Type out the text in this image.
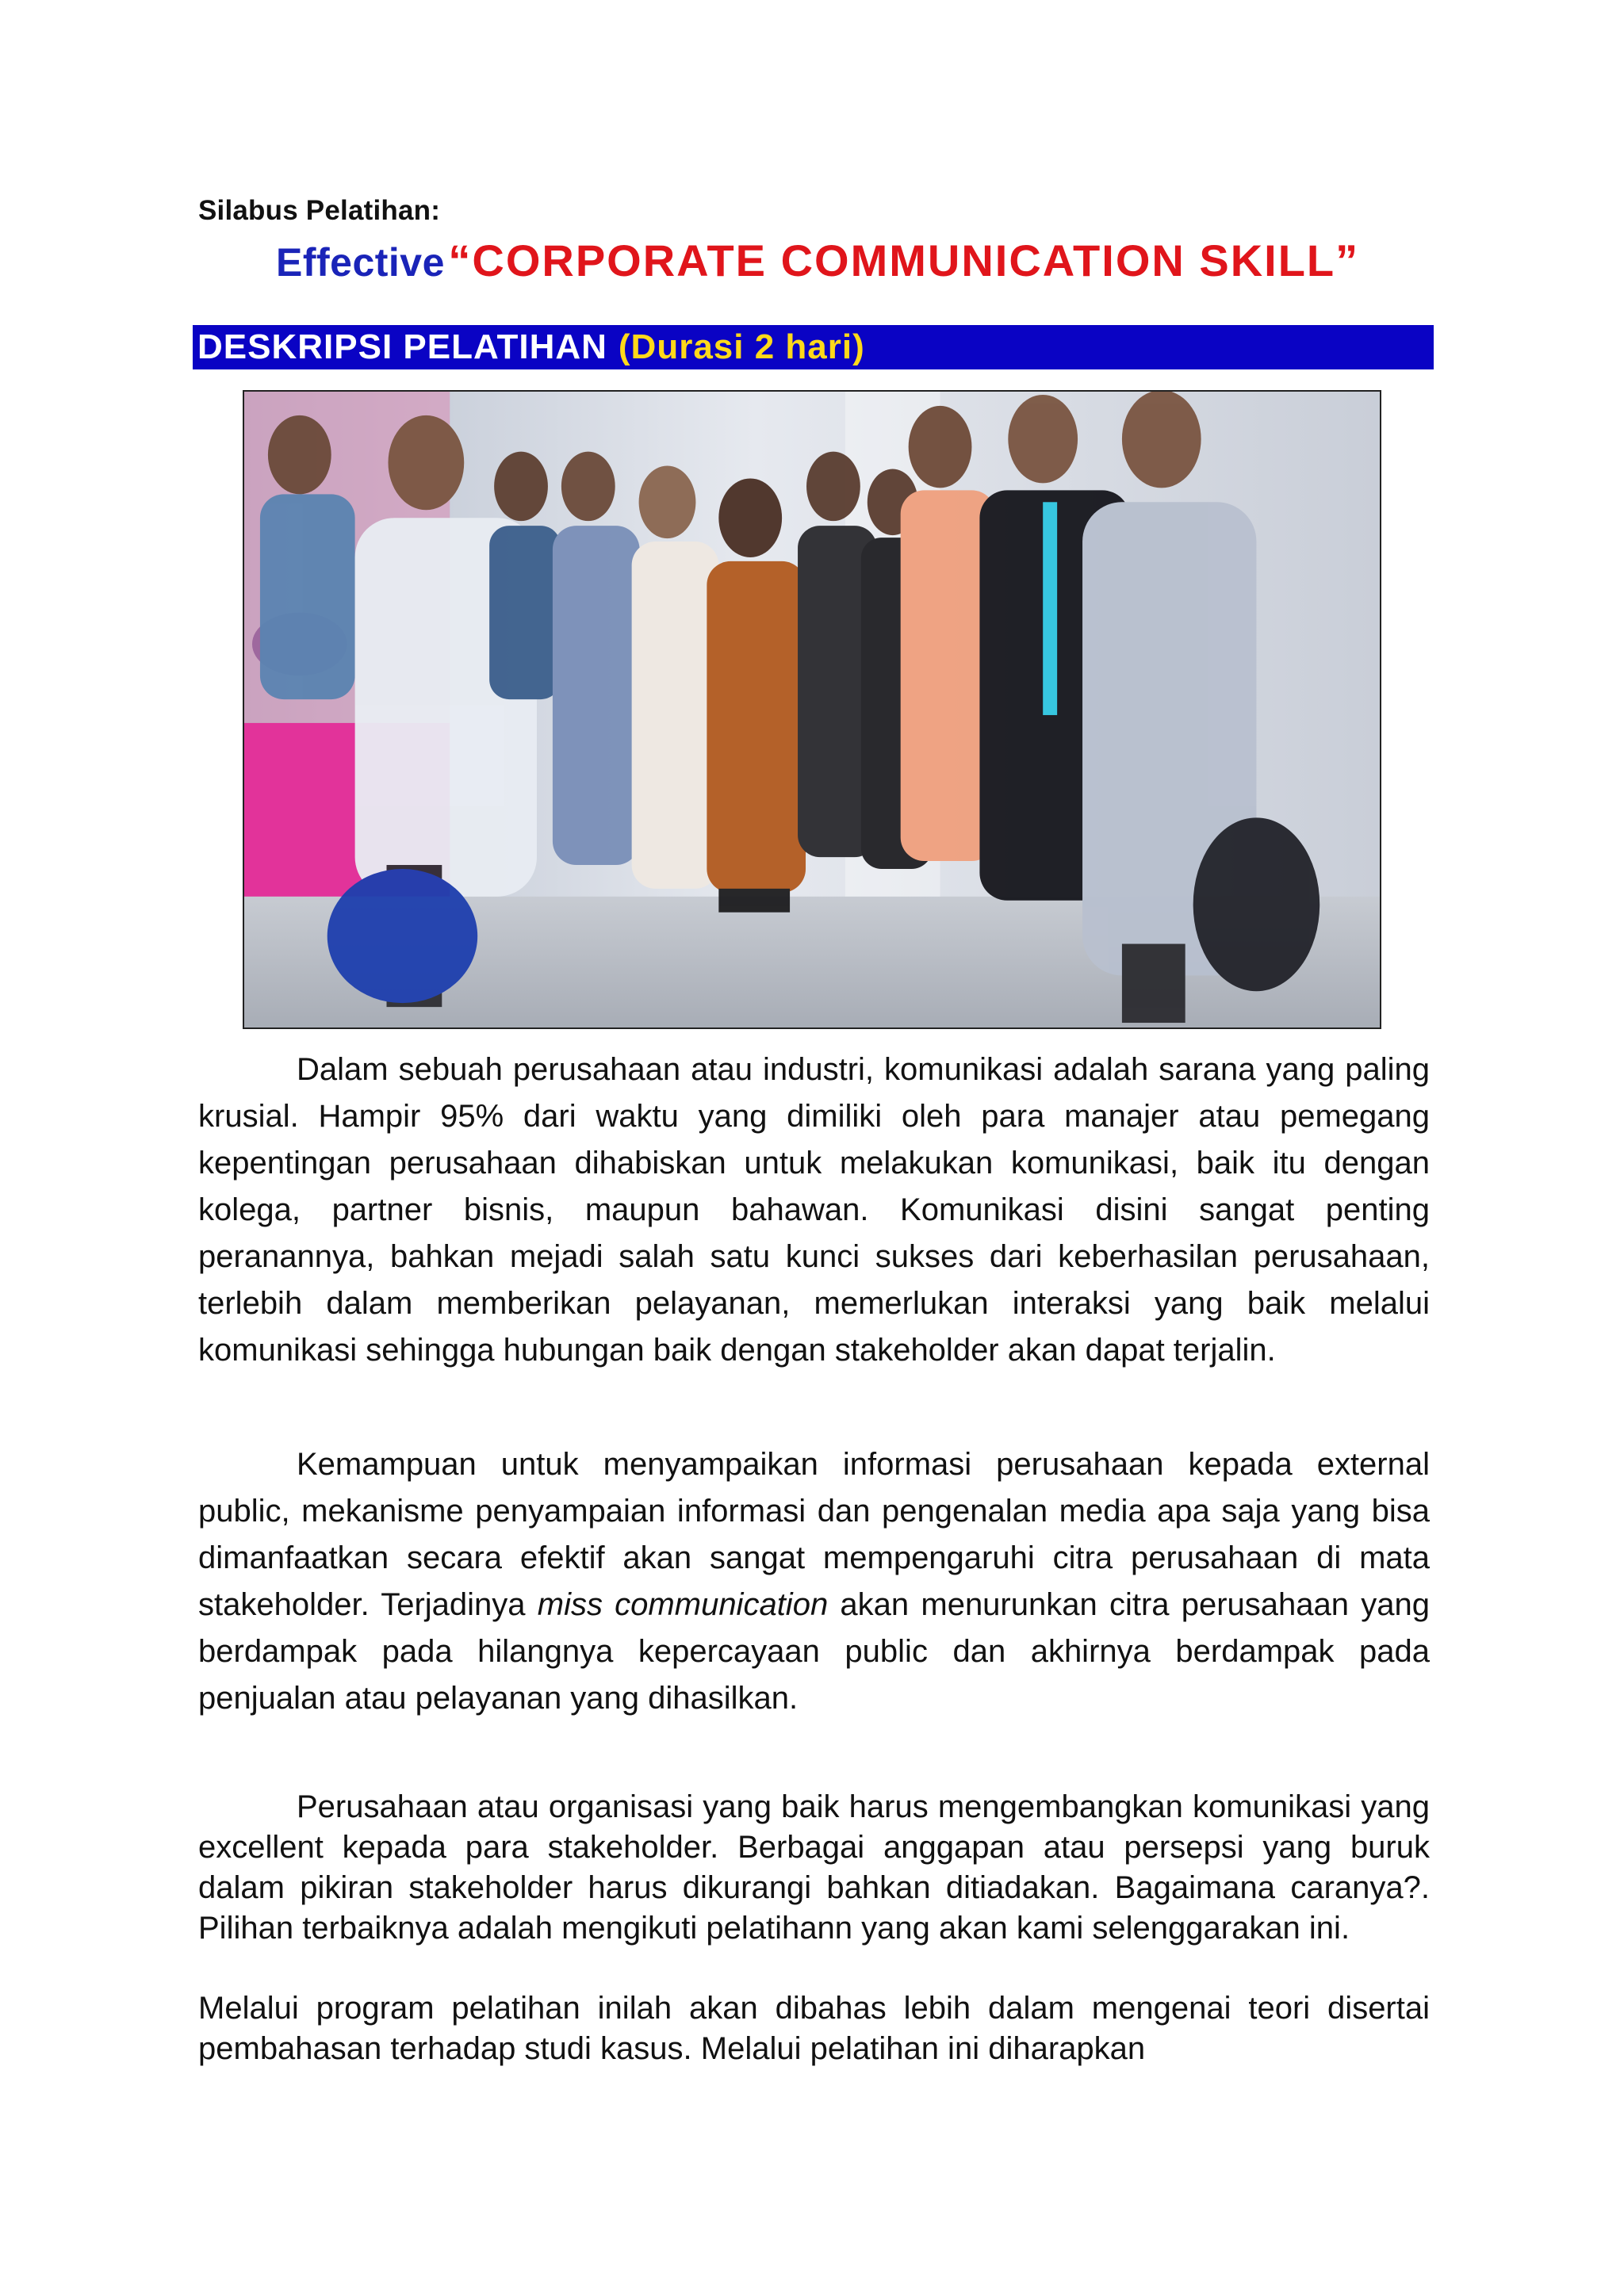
Silabus Pelatihan:
Effective “CORPORATE COMMUNICATION SKILL”
DESKRIPSI PELATIHAN (Durasi 2 hari)

Dalam sebuah perusahaan atau industri, komunikasi adalah sarana yang paling krusial. Hampir 95% dari waktu yang dimiliki oleh para manajer atau pemegang kepentingan perusahaan dihabiskan untuk melakukan komunikasi, baik itu dengan kolega, partner bisnis, maupun bahawan. Komunikasi disini sangat penting peranannya, bahkan mejadi salah satu kunci sukses dari keberhasilan perusahaan, terlebih dalam memberikan pelayanan, memerlukan interaksi yang baik melalui komunikasi sehingga hubungan baik dengan stakeholder akan dapat terjalin.

Kemampuan untuk menyampaikan informasi perusahaan kepada external public, mekanisme penyampaian informasi dan pengenalan media apa saja yang bisa dimanfaatkan secara efektif akan sangat mempengaruhi citra perusahaan di mata stakeholder. Terjadinya miss communication akan menurunkan citra perusahaan yang berdampak pada hilangnya kepercayaan public dan akhirnya berdampak pada penjualan atau pelayanan yang dihasilkan.

Perusahaan atau organisasi yang baik harus mengembangkan komunikasi yang excellent kepada para stakeholder. Berbagai anggapan atau persepsi yang buruk dalam pikiran stakeholder harus dikurangi bahkan ditiadakan. Bagaimana caranya?. Pilihan terbaiknya adalah mengikuti pelatihann yang akan kami selenggarakan ini.

Melalui program pelatihan inilah akan dibahas lebih dalam mengenai teori disertai pembahasan terhadap studi kasus. Melalui pelatihan ini diharapkan
